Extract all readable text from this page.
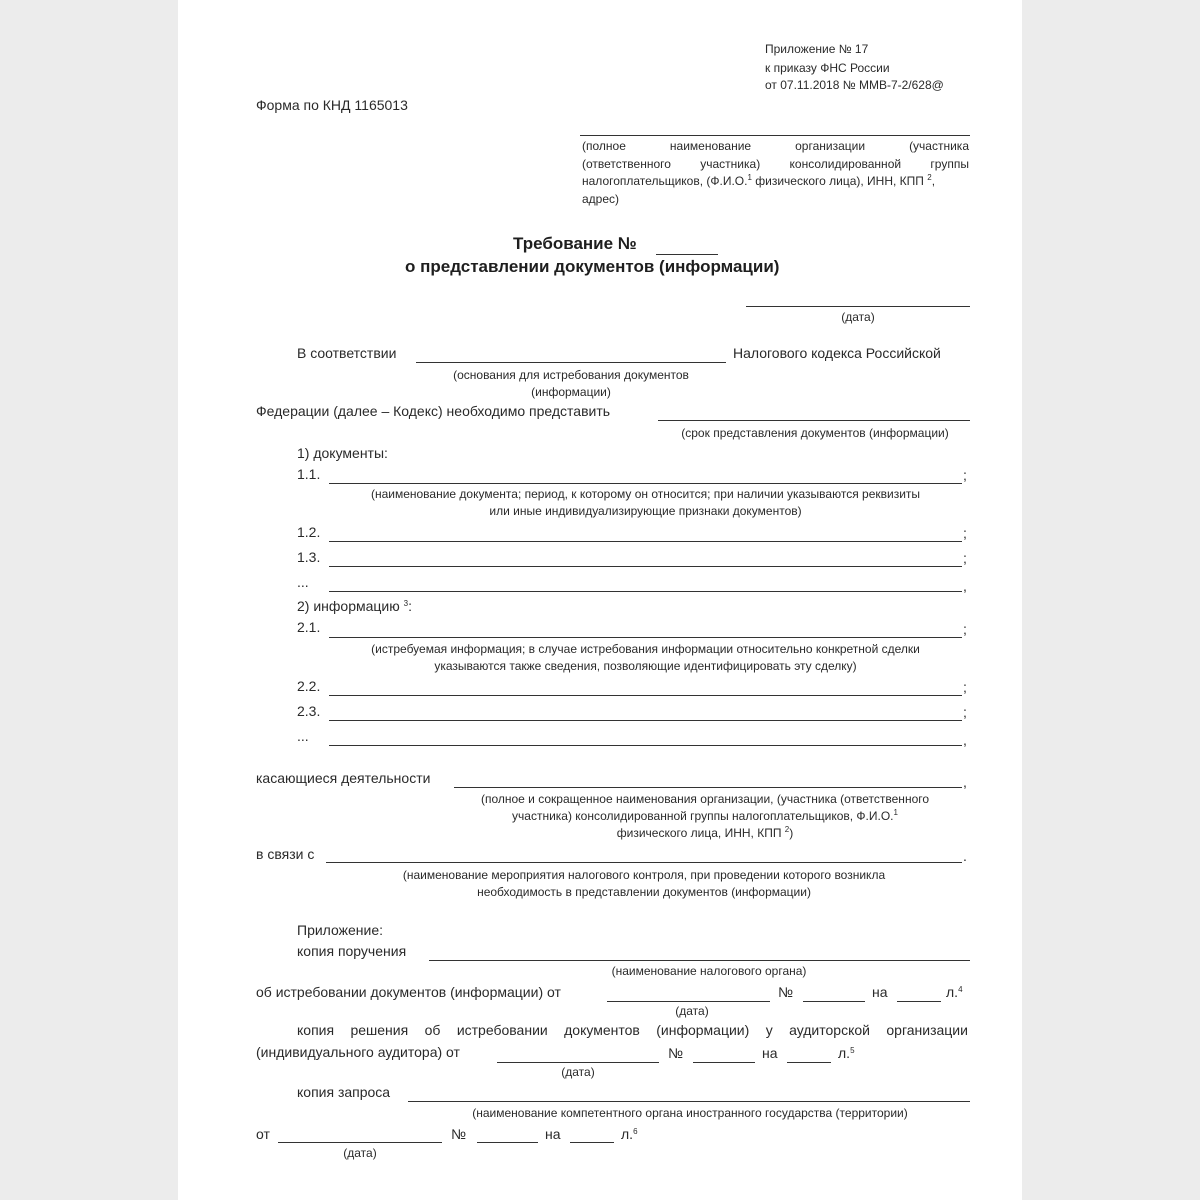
Приложение № 17
к приказу ФНС России
от 07.11.2018 № ММВ-7-2/628@
Форма по КНД 1165013
(полное	наименование	организации	(участника
(ответственного участника) консолидированной группы
налогоплательщиков, (Ф.И.О.$^1$ физического лица), ИНН, КПП $^2$,
адрес)
Требование №
о представлении документов (информации)
(дата)
В соответствии	Налогового кодекса Российской
(основания для истребования документов
(информации)
Федерации (далее – Кодекс) необходимо представить
(срок представления документов (информации)
1) документы:
1.1.	;
(наименование документа; период, к которому он относится; при наличии указываются реквизиты
или иные индивидуализирующие признаки документов)
1.2.	;
1.3.	;
...	,
2) информацию $^3$:
2.1.	;
(истребуемая информация; в случае истребования информации относительно конкретной сделки
указываются также сведения, позволяющие идентифицировать эту сделку)
2.2.	;
2.3.	;
...	,
касающиеся деятельности	,
(полное и сокращенное наименования организации, (участника (ответственного
участника) консолидированной группы налогоплательщиков, Ф.И.О.$^1$
физического лица, ИНН, КПП $^2$)
в связи с	.
(наименование мероприятия налогового контроля, при проведении которого возникла
необходимость в представлении документов (информации)
Приложение:
копия поручения
(наименование налогового органа)
об истребовании документов (информации) от
(дата)
№	на	л.$^4$
копия решения об истребовании документов (информации) у аудиторской организации
(индивидуального аудитора) от
(дата)
№	на	л.$^5$
копия запроса
(наименование компетентного органа иностранного государства (территории)
от
(дата)
№	на	л.$^6$
